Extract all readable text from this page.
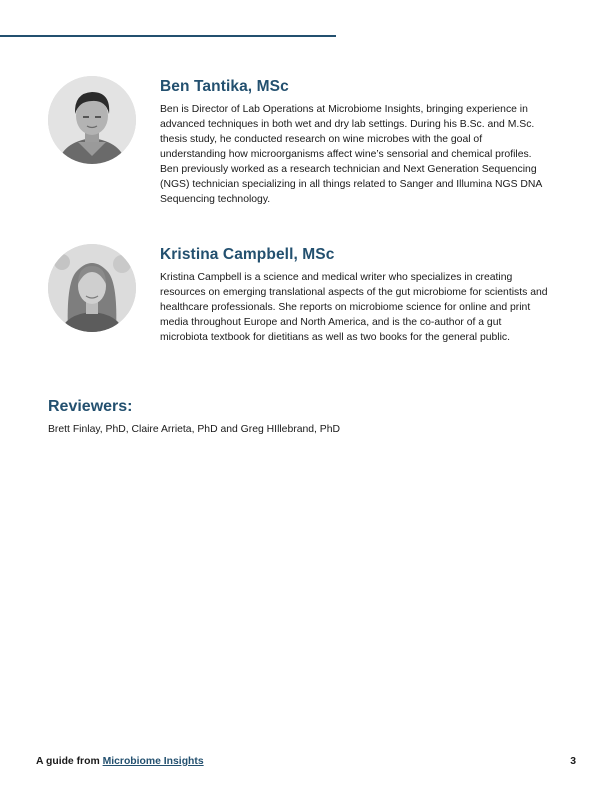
Ben Tantika, MSc

Ben is Director of Lab Operations at Microbiome Insights, bringing experience in advanced techniques in both wet and dry lab settings. During his B.Sc. and M.Sc. thesis study, he conducted research on wine microbes with the goal of understanding how microorganisms affect wine’s sensorial and chemical profiles. Ben previously worked as a research technician and Next Generation Sequencing (NGS) technician specializing in all things related to Sanger and Illumina NGS DNA Sequencing technology.

Kristina Campbell, MSc

Kristina Campbell is a science and medical writer who specializes in creating resources on emerging translational aspects of the gut microbiome for scientists and healthcare professionals. She reports on microbiome science for online and print media throughout Europe and North America, and is the co-author of a gut microbiota textbook for dietitians as well as two books for the general public.

Reviewers:

Brett Finlay, PhD, Claire Arrieta, PhD and Greg HIllebrand, PhD

A guide from Microbiome Insights	3
